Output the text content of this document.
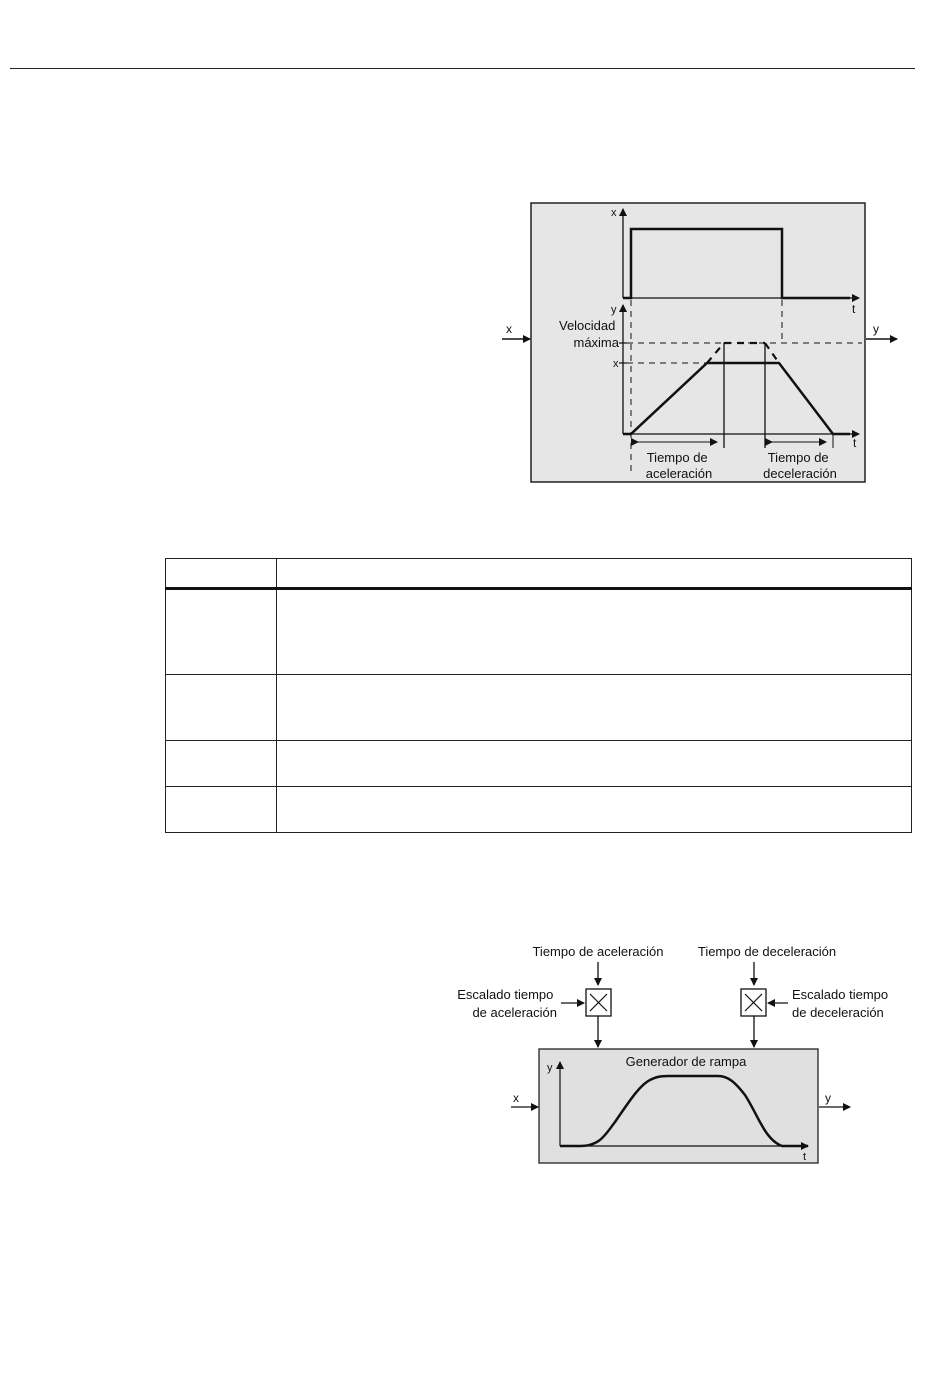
x	y
x
t
y
t
Velocidad máxima
x
Tiempo de aceleración
Tiempo de deceleración

Tiempo de aceleración	Tiempo de deceleración
Escalado tiempo de aceleración
Escalado tiempo de deceleración
Generador de rampa
x	y
y
t
